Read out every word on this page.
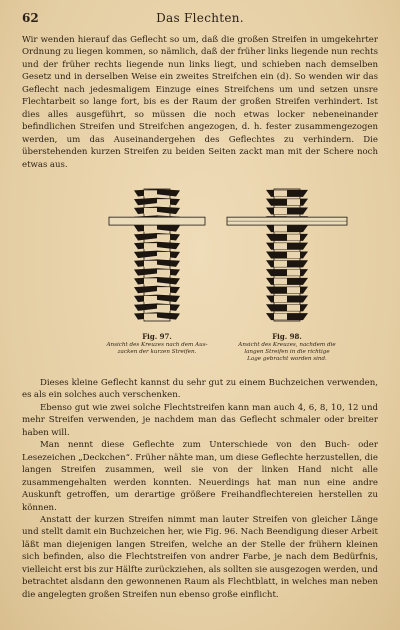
62	Das Flechten.

Wir wenden hierauf das Geflecht so um, daß die großen Streifen in umgekehrter Ordnung zu liegen kommen, so nämlich, daß der früher links liegende nun rechts und der früher rechts liegende nun links liegt, und schieben nach demselben Gesetz und in derselben Weise ein zweites Streifchen ein (d). So wenden wir das Geflecht nach jedesmaligem Einzuge eines Streifchens um und setzen unsre Flechtarbeit so lange fort, bis es der Raum der großen Streifen verhindert. Ist dies alles ausgeführt, so müssen die noch etwas locker nebeneinander befindlichen Streifen und Streifchen angezogen, d. h. fester zusammengezogen werden, um das Auseinandergehen des Geflechtes zu verhindern. Die überstehenden kurzen Streifen zu beiden Seiten zackt man mit der Schere noch etwas aus.

Fig. 97.
Ansicht des Kreuzes nach dem Aus-
zacken der kurzen Streifen.
Fig. 98.
Ansicht des Kreuzes, nachdem die
langen Streifen in die richtige
Lage gebracht worden sind.

Dieses kleine Geflecht kannst du sehr gut zu einem Buchzeichen verwenden, es als ein solches auch verschenken.

Ebenso gut wie zwei solche Flechtstreifen kann man auch 4, 6, 8, 10, 12 und mehr Streifen verwenden, je nachdem man das Geflecht schmaler oder breiter haben will.

Man nennt diese Geflechte zum Unterschiede von den Buch- oder Lesezeichen „Deckchen“. Früher nähte man, um diese Geflechte herzustellen, die langen Streifen zusammen, weil sie von der linken Hand nicht alle zusammengehalten werden konnten. Neuerdings hat man nun eine andre Auskunft getroffen, um derartige größere Freihandflechtereien herstellen zu können.

Anstatt der kurzen Streifen nimmt man lauter Streifen von gleicher Länge und stellt damit ein Buchzeichen her, wie Fig. 96. Nach Beendigung dieser Arbeit läßt man diejenigen langen Streifen, welche an der Stelle der frühern kleinen sich befinden, also die Flechtstreifen von andrer Farbe, je nach dem Bedürfnis, vielleicht erst bis zur Hälfte zurückziehen, als sollten sie ausgezogen werden, und betrachtet alsdann den gewonnenen Raum als Flechtblatt, in welches man neben die angelegten großen Streifen nun ebenso große einflicht.
